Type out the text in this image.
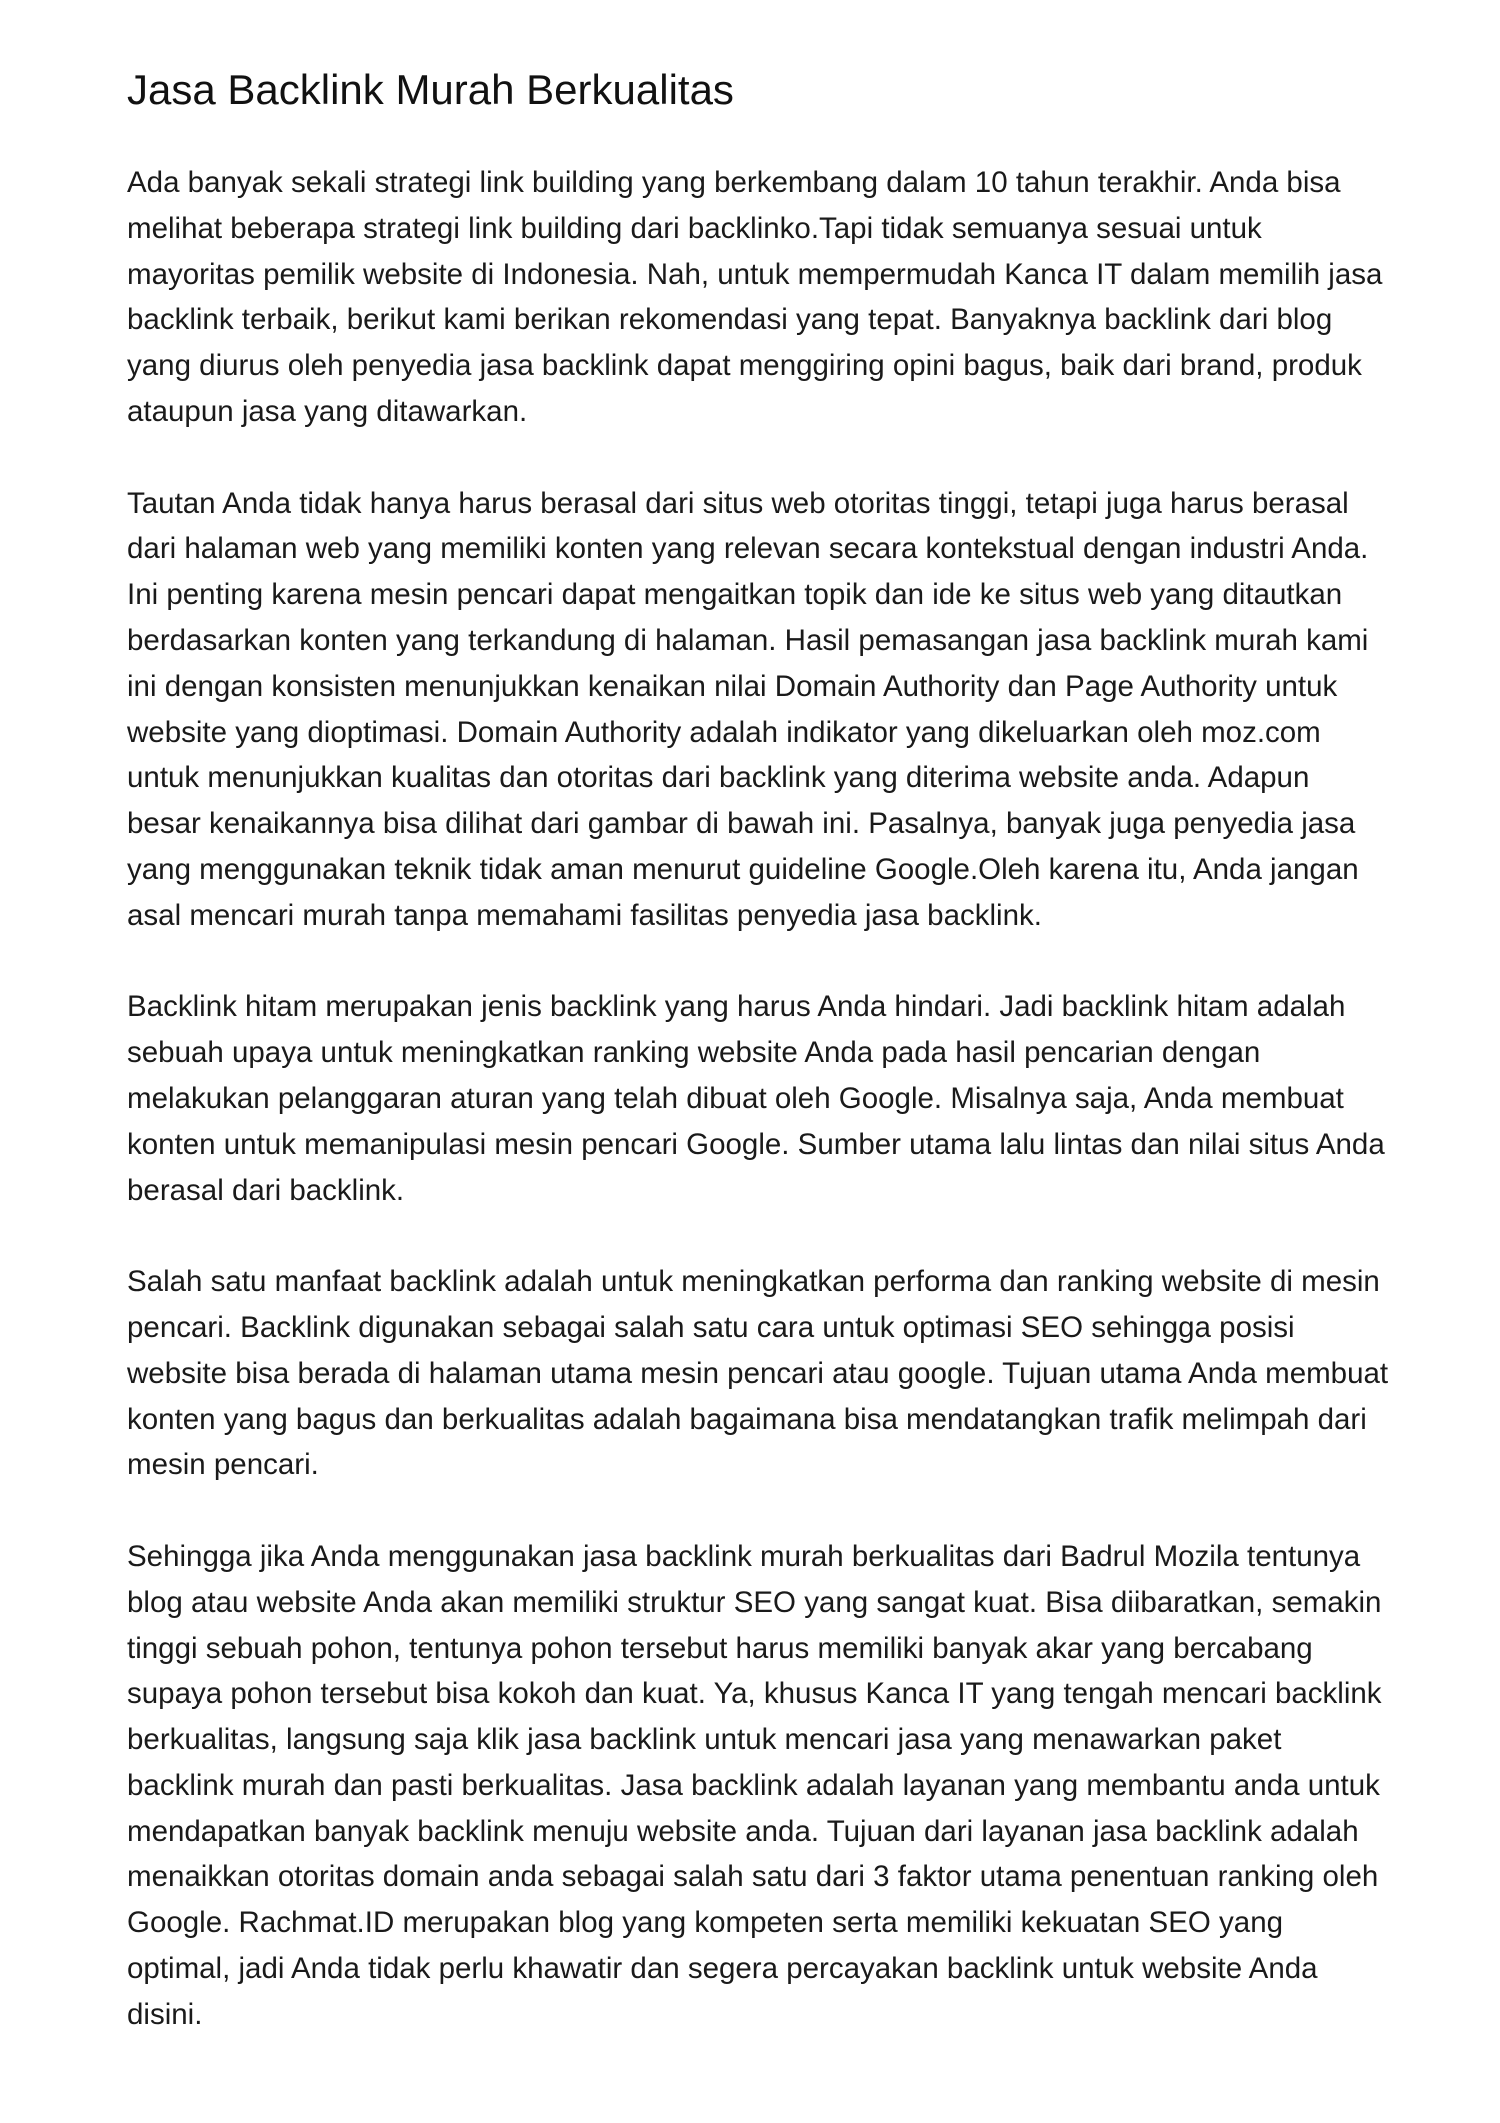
Jasa Backlink Murah Berkualitas

Ada banyak sekali strategi link building yang berkembang dalam 10 tahun terakhir. Anda bisa melihat beberapa strategi link building dari backlinko.Tapi tidak semuanya sesuai untuk mayoritas pemilik website di Indonesia. Nah, untuk mempermudah Kanca IT dalam memilih jasa backlink terbaik, berikut kami berikan rekomendasi yang tepat. Banyaknya backlink dari blog yang diurus oleh penyedia jasa backlink dapat menggiring opini bagus, baik dari brand, produk ataupun jasa yang ditawarkan.

Tautan Anda tidak hanya harus berasal dari situs web otoritas tinggi, tetapi juga harus berasal dari halaman web yang memiliki konten yang relevan secara kontekstual dengan industri Anda. Ini penting karena mesin pencari dapat mengaitkan topik dan ide ke situs web yang ditautkan berdasarkan konten yang terkandung di halaman. Hasil pemasangan jasa backlink murah kami ini dengan konsisten menunjukkan kenaikan nilai Domain Authority dan Page Authority untuk website yang dioptimasi. Domain Authority adalah indikator yang dikeluarkan oleh moz.com untuk menunjukkan kualitas dan otoritas dari backlink yang diterima website anda. Adapun besar kenaikannya bisa dilihat dari gambar di bawah ini. Pasalnya, banyak juga penyedia jasa yang menggunakan teknik tidak aman menurut guideline Google.Oleh karena itu, Anda jangan asal mencari murah tanpa memahami fasilitas penyedia jasa backlink.

Backlink hitam merupakan jenis backlink yang harus Anda hindari. Jadi backlink hitam adalah sebuah upaya untuk meningkatkan ranking website Anda pada hasil pencarian dengan melakukan pelanggaran aturan yang telah dibuat oleh Google. Misalnya saja, Anda membuat konten untuk memanipulasi mesin pencari Google. Sumber utama lalu lintas dan nilai situs Anda berasal dari backlink.

Salah satu manfaat backlink adalah untuk meningkatkan performa dan ranking website di mesin pencari. Backlink digunakan sebagai salah satu cara untuk optimasi SEO sehingga posisi website bisa berada di halaman utama mesin pencari atau google. Tujuan utama Anda membuat konten yang bagus dan berkualitas adalah bagaimana bisa mendatangkan trafik melimpah dari mesin pencari.

Sehingga jika Anda menggunakan jasa backlink murah berkualitas dari Badrul Mozila tentunya blog atau website Anda akan memiliki struktur SEO yang sangat kuat. Bisa diibaratkan, semakin tinggi sebuah pohon, tentunya pohon tersebut harus memiliki banyak akar yang bercabang supaya pohon tersebut bisa kokoh dan kuat. Ya, khusus Kanca IT yang tengah mencari backlink berkualitas, langsung saja klik jasa backlink untuk mencari jasa yang menawarkan paket backlink murah dan pasti berkualitas. Jasa backlink adalah layanan yang membantu anda untuk mendapatkan banyak backlink menuju website anda. Tujuan dari layanan jasa backlink adalah menaikkan otoritas domain anda sebagai salah satu dari 3 faktor utama penentuan ranking oleh Google. Rachmat.ID merupakan blog yang kompeten serta memiliki kekuatan SEO yang optimal, jadi Anda tidak perlu khawatir dan segera percayakan backlink untuk website Anda disini.
